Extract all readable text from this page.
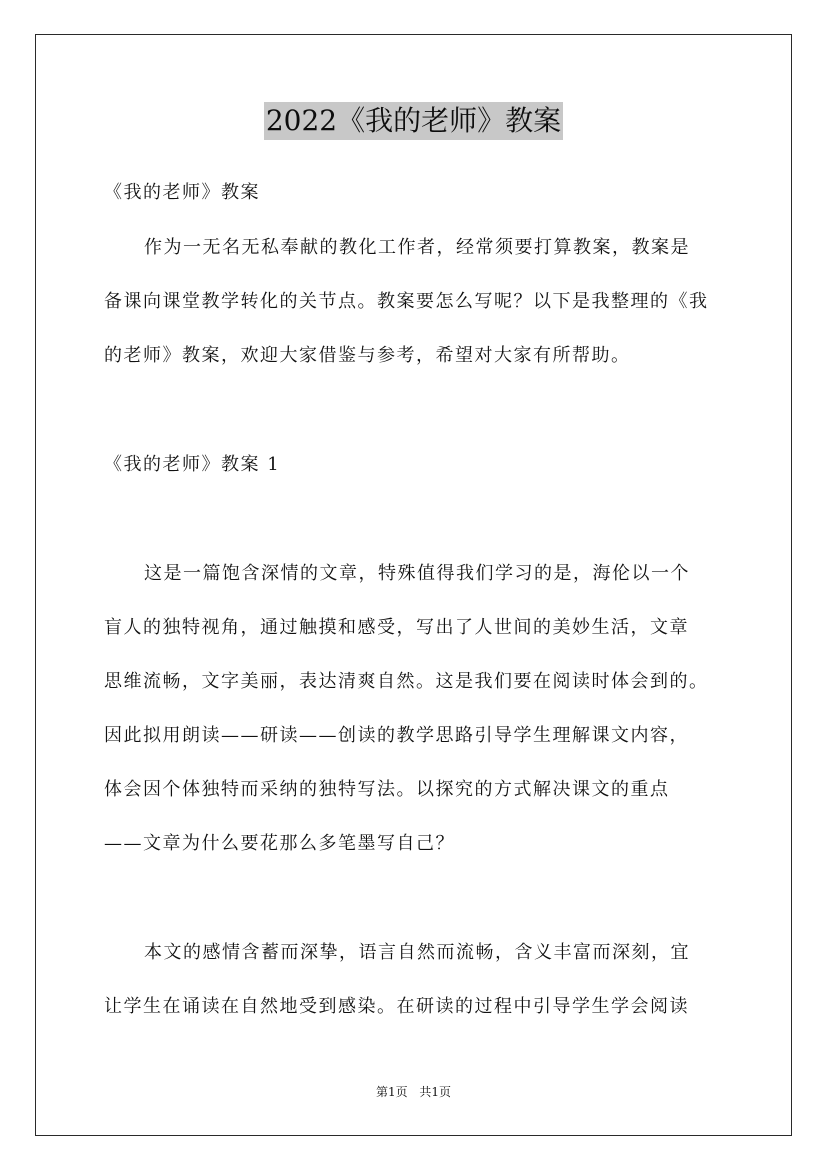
2022《我的老师》教案
《我的老师》教案
作为一无名无私奉献的教化工作者，经常须要打算教案，教案是
备课向课堂教学转化的关节点。教案要怎么写呢？以下是我整理的《我
的老师》教案，欢迎大家借鉴与参考，希望对大家有所帮助。
《我的老师》教案 1
这是一篇饱含深情的文章，特殊值得我们学习的是，海伦以一个
盲人的独特视角，通过触摸和感受，写出了人世间的美妙生活，文章
思维流畅，文字美丽，表达清爽自然。这是我们要在阅读时体会到的。
因此拟用朗读——研读——创读的教学思路引导学生理解课文内容，
体会因个体独特而采纳的独特写法。以探究的方式解决课文的重点
——文章为什么要花那么多笔墨写自己？
本文的感情含蓄而深挚，语言自然而流畅，含义丰富而深刻，宜
让学生在诵读在自然地受到感染。在研读的过程中引导学生学会阅读
第1页 共1页
